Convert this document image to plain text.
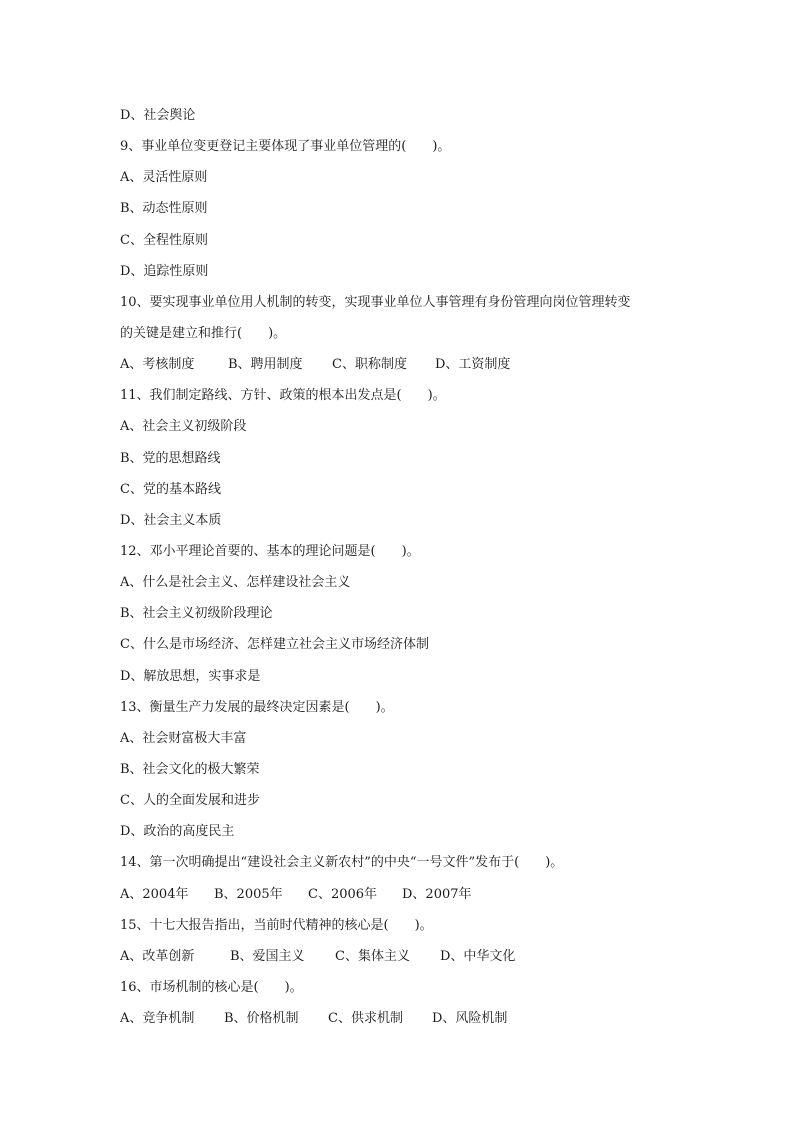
D、社会舆论
9、事业单位变更登记主要体现了事业单位管理的(　　)。
A、灵活性原则
B、动态性原则
C、全程性原则
D、追踪性原则
10、要实现事业单位用人机制的转变，实现事业单位人事管理有身份管理向岗位管理转变
的关键是建立和推行(　　)。
A、考核制度	B、聘用制度	C、职称制度	D、工资制度
11、我们制定路线、方针、政策的根本出发点是(　　)。
A、社会主义初级阶段
B、党的思想路线
C、党的基本路线
D、社会主义本质
12、邓小平理论首要的、基本的理论问题是(　　)。
A、什么是社会主义、怎样建设社会主义
B、社会主义初级阶段理论
C、什么是市场经济、怎样建立社会主义市场经济体制
D、解放思想，实事求是
13、衡量生产力发展的最终决定因素是(　　)。
A、社会财富极大丰富
B、社会文化的极大繁荣
C、人的全面发展和进步
D、政治的高度民主
14、第一次明确提出“建设社会主义新农村”的中央“一号文件”发布于(　　)。
A、2004年	B、2005年	C、2006年	D、2007年
15、十七大报告指出，当前时代精神的核心是(　　)。
A、改革创新	B、爱国主义	C、集体主义	D、中华文化
16、市场机制的核心是(　　)。
A、竞争机制	B、价格机制	C、供求机制	D、风险机制
